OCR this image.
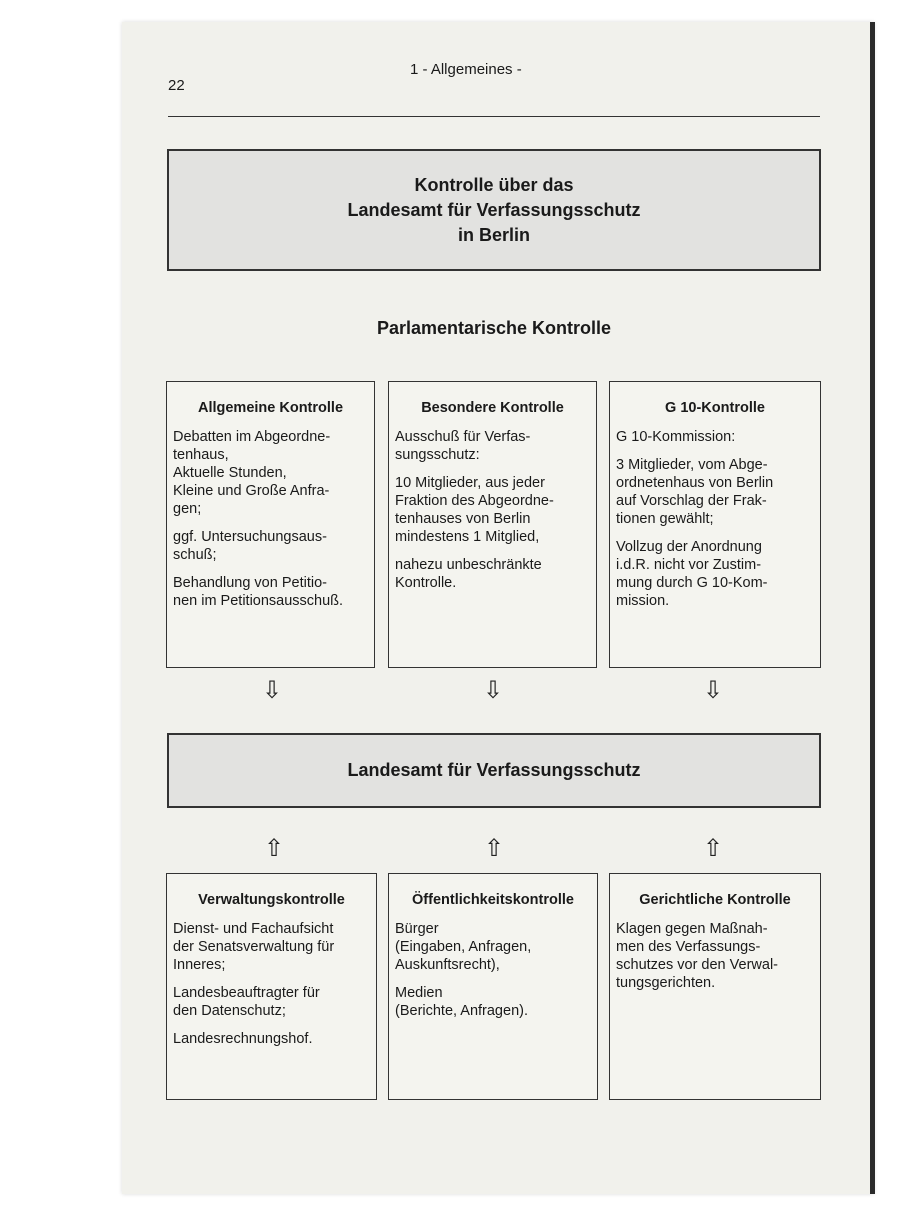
22
1 - Allgemeines -
Kontrolle über das
Landesamt für Verfassungsschutz
in Berlin
Parlamentarische Kontrolle
Allgemeine Kontrolle

Debatten im Abgeordne-
tenhaus,
Aktuelle Stunden,
Kleine und Große Anfra-
gen;

ggf. Untersuchungsaus-
schuß;

Behandlung von Petitio-
nen im Petitionsausschuß.

Besondere Kontrolle

Ausschuß für Verfas-
sungsschutz:

10 Mitglieder, aus jeder
Fraktion des Abgeordne-
tenhauses von Berlin
mindestens 1 Mitglied,

nahezu unbeschränkte
Kontrolle.

G 10-Kontrolle

G 10-Kommission:

3 Mitglieder, vom Abge-
ordnetenhaus von Berlin
auf Vorschlag der Frak-
tionen gewählt;

Vollzug der Anordnung
i.d.R. nicht vor Zustim-
mung durch G 10-Kom-
mission.

⇩	⇩	⇩
Landesamt für Verfassungsschutz
⇧	⇧	⇧
Verwaltungskontrolle

Dienst- und Fachaufsicht
der Senatsverwaltung für
Inneres;

Landesbeauftragter für
den Datenschutz;

Landesrechnungshof.

Öffentlichkeitskontrolle

Bürger
(Eingaben, Anfragen,
Auskunftsrecht),

Medien
(Berichte, Anfragen).

Gerichtliche Kontrolle

Klagen gegen Maßnah-
men des Verfassungs-
schutzes vor den Verwal-
tungsgerichten.
